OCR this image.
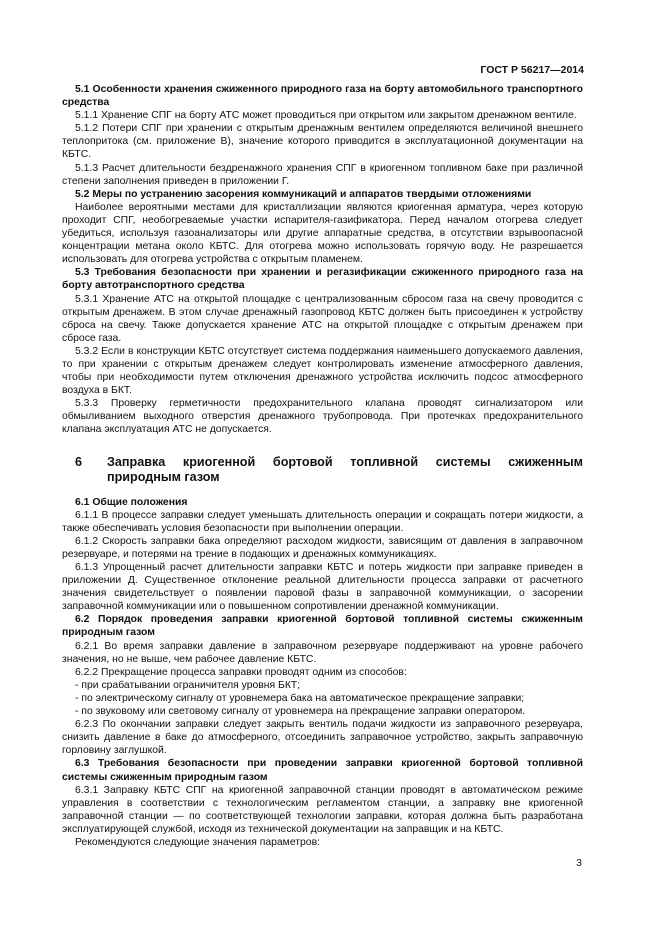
ГОСТ Р 56217—2014

5.1 Особенности хранения сжиженного природного газа на борту автомобильного транспортного средства

5.1.1 Хранение СПГ на борту АТС может проводиться при открытом или закрытом дренажном вентиле.

5.1.2 Потери СПГ при хранении с открытым дренажным вентилем определяются величиной внешнего теплопритока (см. приложение В), значение которого приводится в эксплуатационной документации на КБТС.

5.1.3 Расчет длительности бездренажного хранения СПГ в криогенном топливном баке при различной степени заполнения приведен в приложении Г.

5.2 Меры по устранению засорения коммуникаций и аппаратов твердыми отложениями

Наиболее вероятными местами для кристаллизации являются криогенная арматура, через которую проходит СПГ, необогреваемые участки испарителя-газификатора. Перед началом отогрева следует убедиться, используя газоанализаторы или другие аппаратные средства, в отсутствии взрывоопасной концентрации метана около КБТС. Для отогрева можно использовать горячую воду. Не разрешается использовать для отогрева устройства с открытым пламенем.

5.3 Требования безопасности при хранении и регазификации сжиженного природного газа на борту автотранспортного средства

5.3.1 Хранение АТС на открытой площадке с централизованным сбросом газа на свечу проводится с открытым дренажем. В этом случае дренажный газопровод КБТС должен быть присоединен к устройству сброса на свечу. Также допускается хранение АТС на открытой площадке с открытым дренажем при сбросе газа.

5.3.2 Если в конструкции КБТС отсутствует система поддержания наименьшего допускаемого давления, то при хранении с открытым дренажем следует контролировать изменение атмосферного давления, чтобы при необходимости путем отключения дренажного устройства исключить подсос атмосферного воздуха в БКТ.

5.3.3 Проверку герметичности предохранительного клапана проводят сигнализатором или обмыливанием выходного отверстия дренажного трубопровода. При протечках предохранительного клапана эксплуатация АТС не допускается.

6	Заправка криогенной бортовой топливной системы сжиженным природным газом

6.1 Общие положения

6.1.1 В процессе заправки следует уменьшать длительность операции и сокращать потери жидкости, а также обеспечивать условия безопасности при выполнении операции.

6.1.2 Скорость заправки бака определяют расходом жидкости, зависящим от давления в заправочном резервуаре, и потерями на трение в подающих и дренажных коммуникациях.

6.1.3 Упрощенный расчет длительности заправки КБТС и потерь жидкости при заправке приведен в приложении Д. Существенное отклонение реальной длительности процесса заправки от расчетного значения свидетельствует о появлении паровой фазы в заправочной коммуникации, о засорении заправочной коммуникации или о повышенном сопротивлении дренажной коммуникации.

6.2 Порядок проведения заправки криогенной бортовой топливной системы сжиженным природным газом

6.2.1 Во время заправки давление в заправочном резервуаре поддерживают на уровне рабочего значения, но не выше, чем рабочее давление КБТС.

6.2.2 Прекращение процесса заправки проводят одним из способов:

- при срабатывании ограничителя уровня БКТ;

- по электрическому сигналу от уровнемера бака на автоматическое прекращение заправки;

- по звуковому или световому сигналу от уровнемера на прекращение заправки оператором.

6.2.3 По окончании заправки следует закрыть вентиль подачи жидкости из заправочного резервуара, снизить давление в баке до атмосферного, отсоединить заправочное устройство, закрыть заправочную горловину заглушкой.

6.3 Требования безопасности при проведении заправки криогенной бортовой топливной системы сжиженным природным газом

6.3.1 Заправку КБТС СПГ на криогенной заправочной станции проводят в автоматическом режиме управления в соответствии с технологическим регламентом станции, а заправку вне криогенной заправочной станции — по соответствующей технологии заправки, которая должна быть разработана эксплуатирующей службой, исходя из технической документации на заправщик и на КБТС.

Рекомендуются следующие значения параметров:

3
